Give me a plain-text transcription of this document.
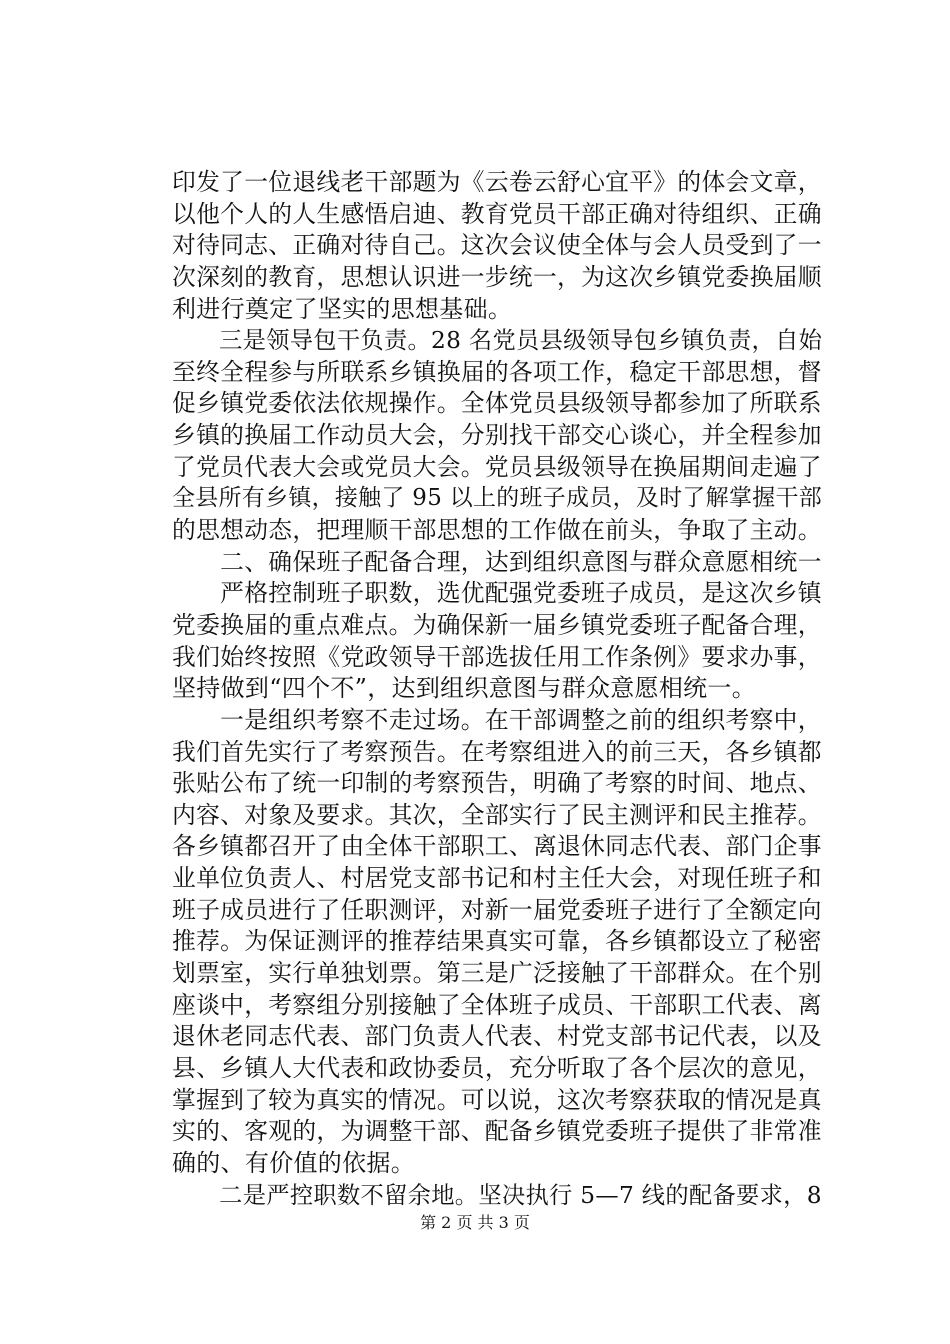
印发了一位退线老干部题为《云卷云舒心宜平》的体会文章，
以他个人的人生感悟启迪、教育党员干部正确对待组织、正确
对待同志、正确对待自己。这次会议使全体与会人员受到了一
次深刻的教育，思想认识进一步统一，为这次乡镇党委换届顺
利进行奠定了坚实的思想基础。
　　三是领导包干负责。28 名党员县级领导包乡镇负责，自始
至终全程参与所联系乡镇换届的各项工作，稳定干部思想，督
促乡镇党委依法依规操作。全体党员县级领导都参加了所联系
乡镇的换届工作动员大会，分别找干部交心谈心，并全程参加
了党员代表大会或党员大会。党员县级领导在换届期间走遍了
全县所有乡镇，接触了 95 以上的班子成员，及时了解掌握干部
的思想动态，把理顺干部思想的工作做在前头，争取了主动。
　　二、确保班子配备合理，达到组织意图与群众意愿相统一
　　严格控制班子职数，选优配强党委班子成员，是这次乡镇
党委换届的重点难点。为确保新一届乡镇党委班子配备合理，
我们始终按照《党政领导干部选拔任用工作条例》要求办事，
坚持做到“四个不”，达到组织意图与群众意愿相统一。
　　一是组织考察不走过场。在干部调整之前的组织考察中，
我们首先实行了考察预告。在考察组进入的前三天，各乡镇都
张贴公布了统一印制的考察预告，明确了考察的时间、地点、
内容、对象及要求。其次，全部实行了民主测评和民主推荐。
各乡镇都召开了由全体干部职工、离退休同志代表、部门企事
业单位负责人、村居党支部书记和村主任大会，对现任班子和
班子成员进行了任职测评，对新一届党委班子进行了全额定向
推荐。为保证测评的推荐结果真实可靠，各乡镇都设立了秘密
划票室，实行单独划票。第三是广泛接触了干部群众。在个别
座谈中，考察组分别接触了全体班子成员、干部职工代表、离
退休老同志代表、部门负责人代表、村党支部书记代表，以及
县、乡镇人大代表和政协委员，充分听取了各个层次的意见，
掌握到了较为真实的情况。可以说，这次考察获取的情况是真
实的、客观的，为调整干部、配备乡镇党委班子提供了非常准
确的、有价值的依据。
　　二是严控职数不留余地。坚决执行 5—7 线的配备要求，8
第 2 页 共 3 页
